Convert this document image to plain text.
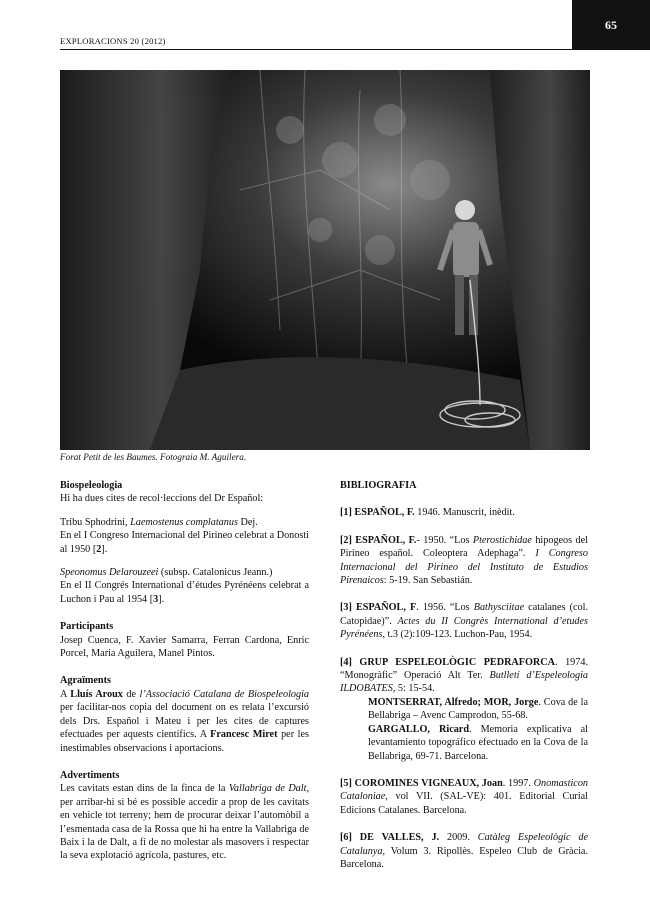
65
EXPLORACIONS 20 (2012)
Forat Petit de les Baumes. Fotograia M. Aguilera.

Biospeleologia

Hi ha dues cites de recol·leccions del Dr Español:

Tribu Sphodrini, Laemostenus complatanus Dej.

En el I Congreso Internacional del Pirineo celebrat a Donosti al 1950 [2].

Speonomus Delarouzeei (subsp. Catalonicus Jeann.)

En el II Congrés International d’études Pyrénéens celebrat a Luchon i Pau al 1954 [3].

Participants

Josep Cuenca, F. Xavier Samarra, Ferran Cardona, Enric Porcel, Maria Aguilera, Manel Pintos.

Agraïments

A Lluís Aroux de l’Associació Catalana de Biospeleologia per facilitar-nos copia del document on es relata l’excursió dels Drs. Español i Mateu i per les cites de captures efectuades per aquests científics. A Francesc Miret per les inestimables observacions i aportacions.

Advertiments

Les cavitats estan dins de la finca de la Vallabriga de Dalt, per arribar-hi si bé es possible accedir a prop de les cavitats en vehicle tot terreny; hem de procurar deixar l’automòbil a l’esmentada casa de la Rossa que hi ha entre la Vallabriga de Baix i la de Dalt, a fi de no molestar als masovers i respectar la seva explotació agrícola, pastures, etc.

BIBLIOGRAFIA

[1] ESPAÑOL, F. 1946. Manuscrit, inèdit.

[2] ESPAÑOL, F.- 1950. “Los Pterostichidae hipogeos del Pirineo español. Coleoptera Adephaga”. I Congreso Internacional del Pirineo del Instituto de Estudios Pirenaicos: 5-19. San Sebastián.

[3] ESPAÑOL, F. 1956. “Los Bathysciitae catalanes (col. Catopidae)”. Actes du II Congrès International d’etudes Pyrénéens, t.3 (2):109-123. Luchon-Pau, 1954.

[4] GRUP ESPELEOLÒGIC PEDRAFORCA. 1974. “Monogràfic” Operació Alt Ter. Butlletí d’Espeleologia ILDOBATES, 5: 15-54.

MONTSERRAT, Alfredo; MOR, Jorge. Cova de la Bellabriga – Avenc Camprodon, 55-68.

GARGALLO, Ricard. Memoria explicativa al levantamiento topográfico efectuado en la Cova de la Bellabriga, 69-71. Barcelona.

[5] COROMINES VIGNEAUX, Joan. 1997. Onomasticon Cataloniae, vol VII. (SAL-VE): 401. Editorial Curial Edicions Catalanes. Barcelona.

[6] DE VALLES, J. 2009. Catàleg Espeleològic de Catalunya, Volum 3. Ripollès. Espeleo Club de Gràcia. Barcelona.
